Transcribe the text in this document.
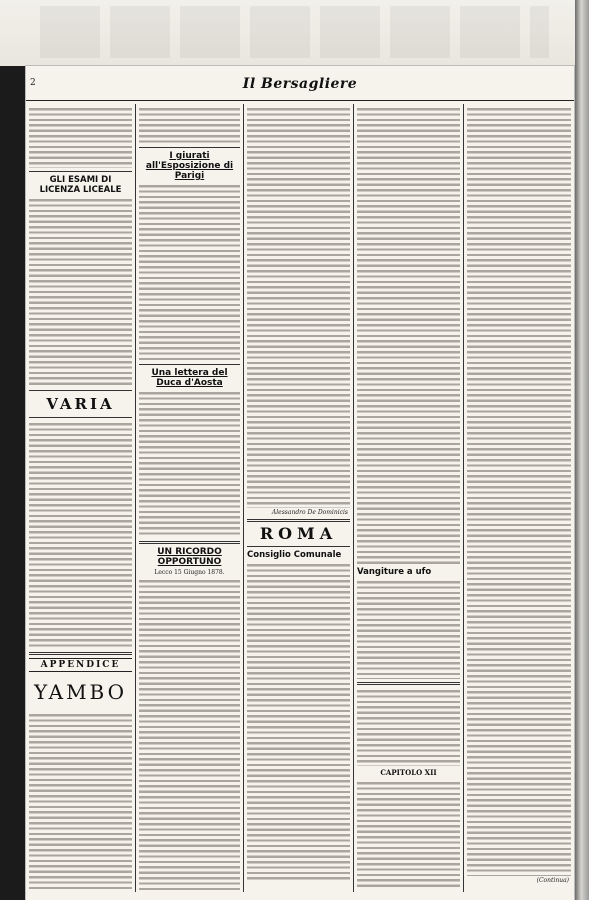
2	Il Bersagliere
GLI ESAMI DI LICENZA LICEALE
VARIA
APPENDICE
YAMBO
I giurati all'Esposizione di Parigi
Una lettera del Duca d'Aosta
UN RICORDO OPPORTUNO
Lecco 15 Giugno 1878.
Alessandro De Dominicis
ROMA
Consiglio Comunale
Vangiture a ufo
CAPITOLO XII
(Continua)
